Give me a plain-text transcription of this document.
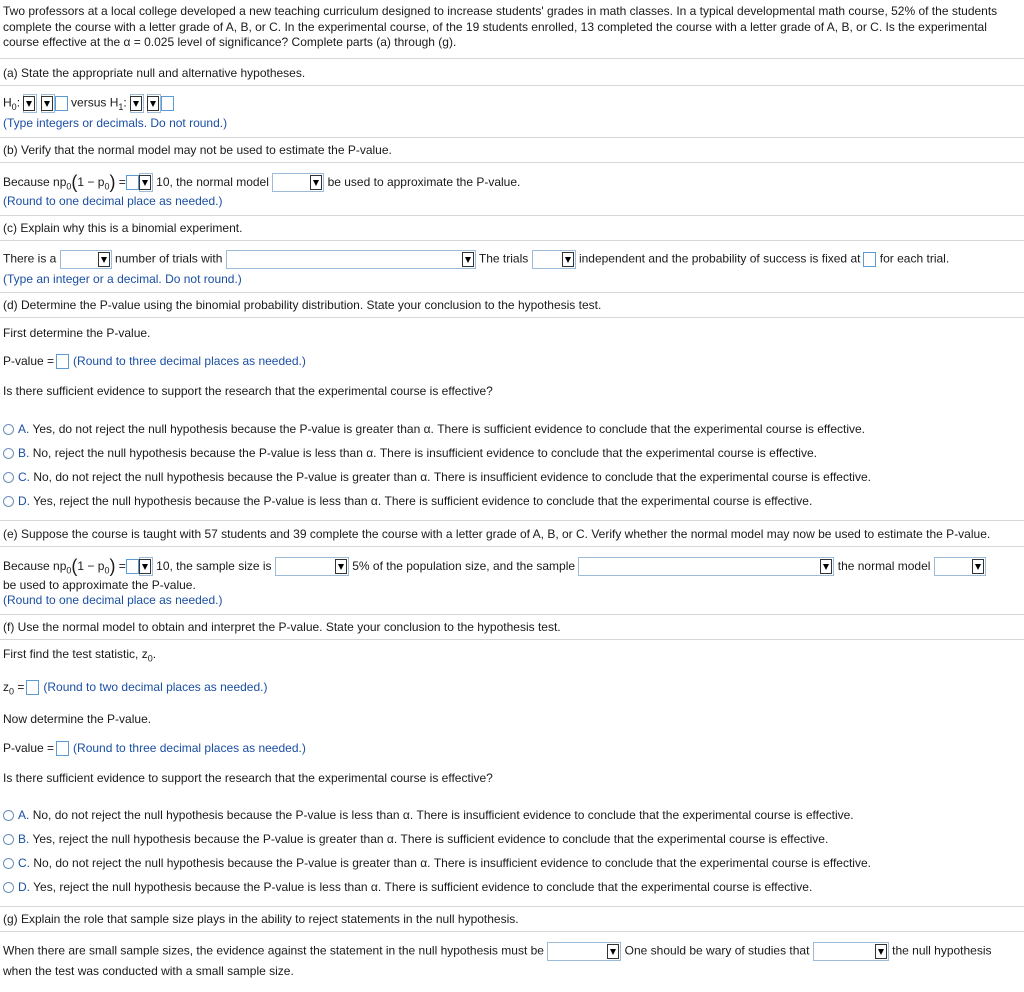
Two professors at a local college developed a new teaching curriculum designed to increase students' grades in math classes. In a typical developmental math course, 52% of the students complete the course with a letter grade of A, B, or C. In the experimental course, of the 19 students enrolled, 13 completed the course with a letter grade of A, B, or C. Is the experimental course effective at the α = 0.025 level of significance? Complete parts (a) through (g).
(a) State the appropriate null and alternative hypotheses.
$H_0$:
	versus $H_1$:

(Type integers or decimals. Do not round.)
(b) Verify that the normal model may not be used to estimate the P-value.
Because $np_0(1 - p_0)$ =	10, the normal model	be used to approximate the P-value.
(Round to one decimal place as needed.)
(c) Explain why this is a binomial experiment.
There is a	number of trials with	The trials	independent and the probability of success is fixed at for each trial.
(Type an integer or a decimal. Do not round.)
(d) Determine the P-value using the binomial probability distribution. State your conclusion to the hypothesis test.
First determine the P-value.
P-value = (Round to three decimal places as needed.)
Is there sufficient evidence to support the research that the experimental course is effective?
A. Yes, do not reject the null hypothesis because the P-value is greater than α. There is sufficient evidence to conclude that the experimental course is effective.
B. No, reject the null hypothesis because the P-value is less than α. There is insufficient evidence to conclude that the experimental course is effective.
C. No, do not reject the null hypothesis because the P-value is greater than α. There is insufficient evidence to conclude that the experimental course is effective.
D. Yes, reject the null hypothesis because the P-value is less than α. There is sufficient evidence to conclude that the experimental course is effective.
(e) Suppose the course is taught with 57 students and 39 complete the course with a letter grade of A, B, or C. Verify whether the normal model may now be used to estimate the P-value.
Because $np_0(1 - p_0)$ =	10, the sample size is	5% of the population size, and the sample	the normal model
be used to approximate the P-value.
(Round to one decimal place as needed.)
(f) Use the normal model to obtain and interpret the P-value. State your conclusion to the hypothesis test.
First find the test statistic, $z_0$.
$z_0$ = (Round to two decimal places as needed.)
Now determine the P-value.
P-value = (Round to three decimal places as needed.)
Is there sufficient evidence to support the research that the experimental course is effective?
A. No, do not reject the null hypothesis because the P-value is less than α. There is insufficient evidence to conclude that the experimental course is effective.
B. Yes, reject the null hypothesis because the P-value is greater than α. There is sufficient evidence to conclude that the experimental course is effective.
C. No, do not reject the null hypothesis because the P-value is greater than α. There is insufficient evidence to conclude that the experimental course is effective.
D. Yes, reject the null hypothesis because the P-value is less than α. There is sufficient evidence to conclude that the experimental course is effective.
(g) Explain the role that sample size plays in the ability to reject statements in the null hypothesis.
When there are small sample sizes, the evidence against the statement in the null hypothesis must be	One should be wary of studies that	the null hypothesis
when the test was conducted with a small sample size.
